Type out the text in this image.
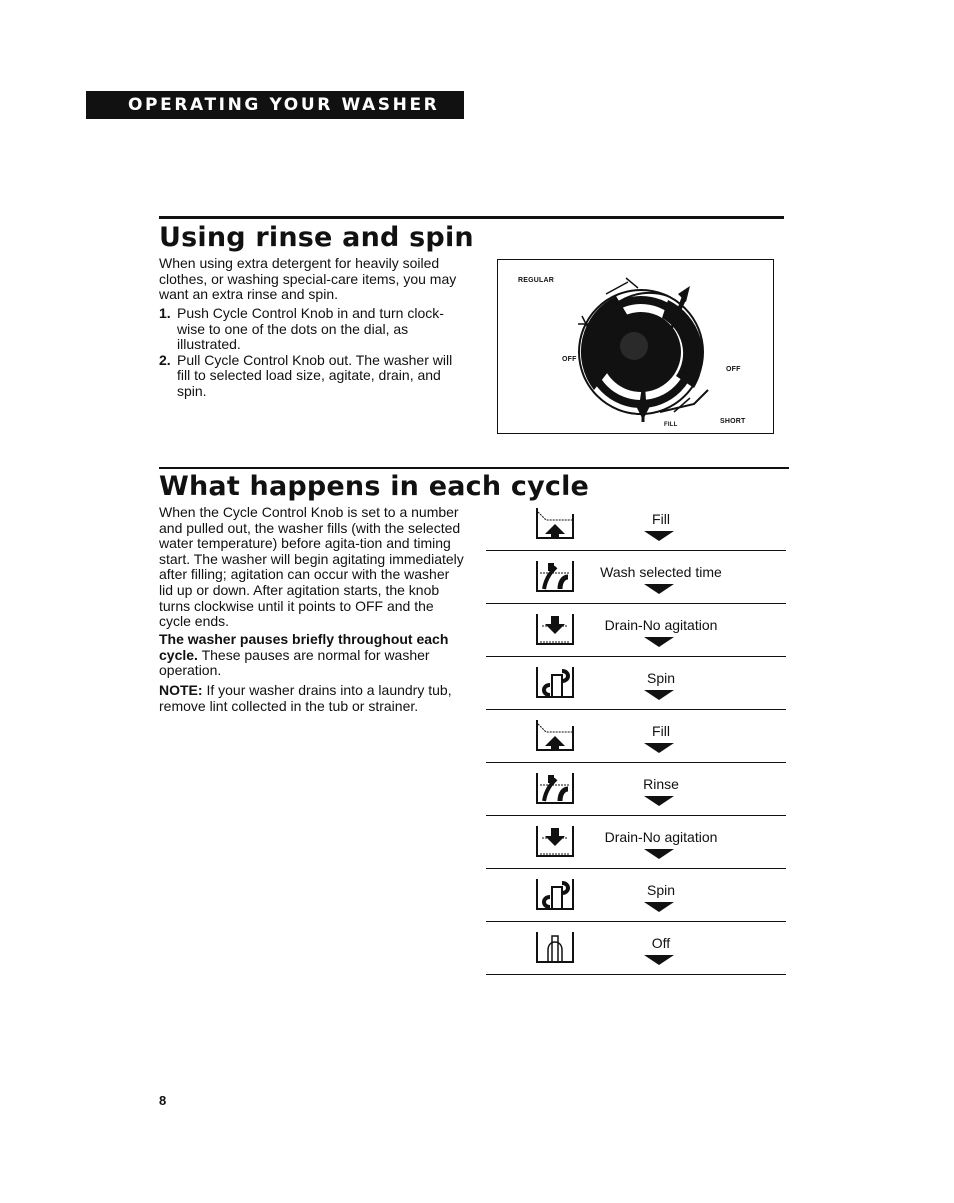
OPERATING YOUR WASHER
Using rinse and spin

When using extra detergent for heavily soiled clothes, or washing special-care items, you may want an extra rinse and spin.

1. Push Cycle Control Knob in and turn clock-wise to one of the dots on the dial, as illustrated.
2. Pull Cycle Control Knob out. The washer will fill to selected load size, agitate, drain, and spin.
REGULAR
OFF
OFF
FILL	SHORT
What happens in each cycle

When the Cycle Control Knob is set to a number and pulled out, the washer fills (with the selected water temperature) before agita-tion and timing start. The washer will begin agitating immediately after filling; agitation can occur with the washer lid up or down. After agitation starts, the knob turns clockwise until it points to OFF and the cycle ends.

The washer pauses briefly throughout each cycle. These pauses are normal for washer operation.

NOTE: If your washer drains into a laundry tub, remove lint collected in the tub or strainer.

Fill
Wash selected time
Drain-No agitation
Spin
Fill
Rinse
Drain-No agitation
Spin
Off
8
